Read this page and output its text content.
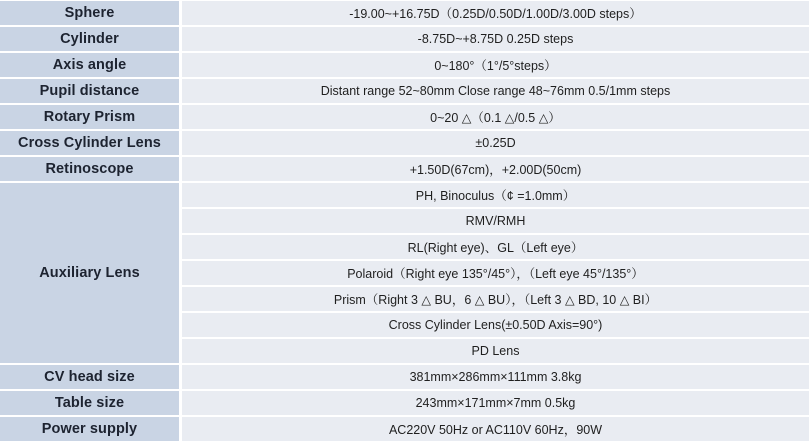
Sphere	-19.00~+16.75D（0.25D/0.50D/1.00D/3.00D steps）
Cylinder	-8.75D~+8.75D 0.25D steps
Axis angle	0~180°（1°/5°steps）
Pupil distance	Distant range 52~80mm Close range 48~76mm 0.5/1mm steps
Rotary Prism	0~20 △（0.1 △/0.5 △）
Cross Cylinder Lens	±0.25D
Retinoscope	+1.50D(67cm)，+2.00D(50cm)
Auxiliary Lens	PH, Binoculus（¢ =1.0mm）
	RMV/RMH
	RL(Right eye)、GL（Left eye）
	Polaroid（Right eye 135°/45°），（Left eye 45°/135°）
	Prism（Right 3 △ BU，6 △ BU），（Left 3 △ BD, 10 △ BI）
	Cross Cylinder Lens(±0.50D Axis=90°)
	PD Lens
CV head size	381mm×286mm×111mm 3.8kg
Table size	243mm×171mm×7mm 0.5kg
Power supply	AC220V 50Hz or AC110V 60Hz，90W
